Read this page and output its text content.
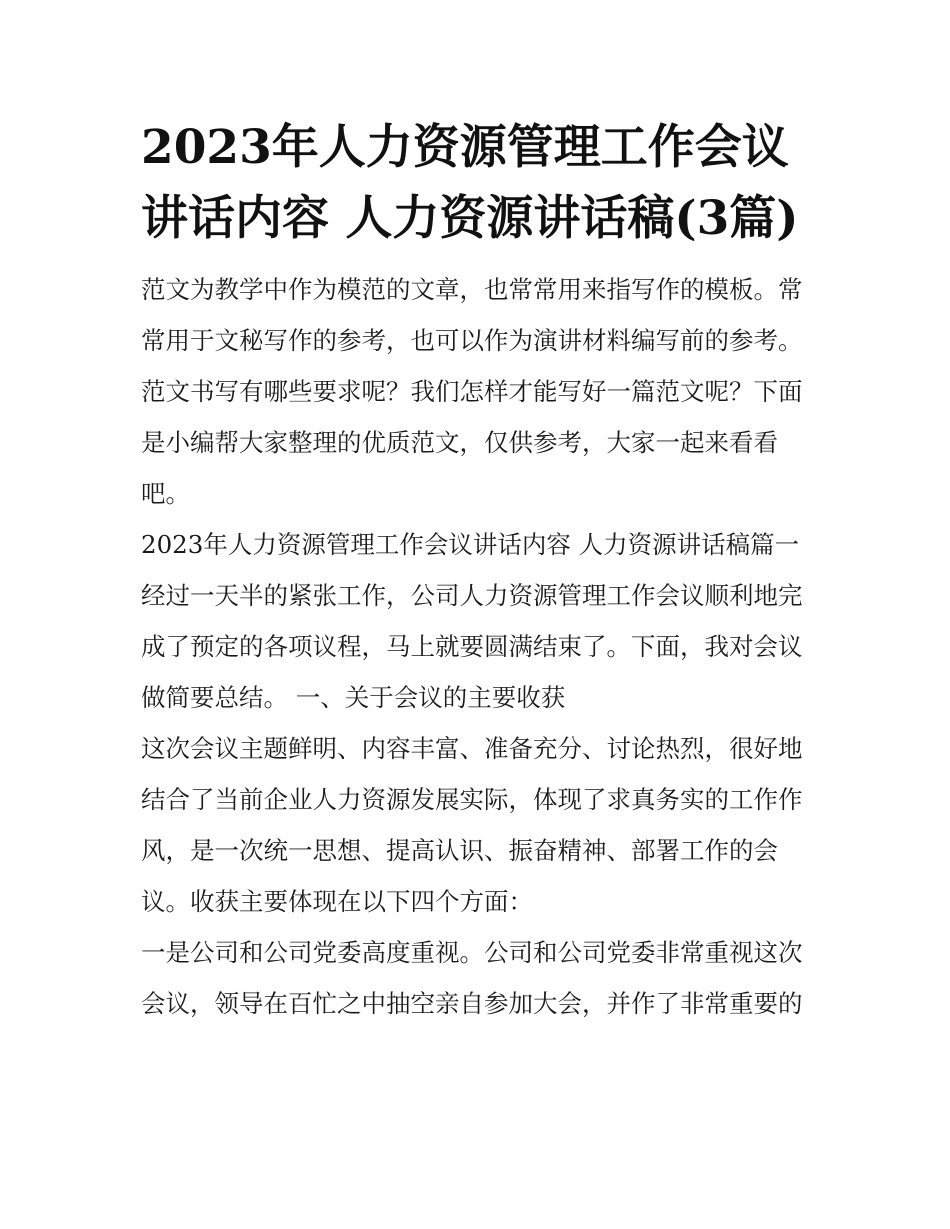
2023年人力资源管理工作会议讲话内容 人力资源讲话稿(3篇)

范文为教学中作为模范的文章，也常常用来指写作的模板。常常用于文秘写作的参考，也可以作为演讲材料编写前的参考。范文书写有哪些要求呢？我们怎样才能写好一篇范文呢？下面是小编帮大家整理的优质范文，仅供参考，大家一起来看看吧。

2023年人力资源管理工作会议讲话内容 人力资源讲话稿篇一

经过一天半的紧张工作，公司人力资源管理工作会议顺利地完成了预定的各项议程，马上就要圆满结束了。下面，我对会议做简要总结。 一、关于会议的主要收获

这次会议主题鲜明、内容丰富、准备充分、讨论热烈，很好地结合了当前企业人力资源发展实际，体现了求真务实的工作作风，是一次统一思想、提高认识、振奋精神、部署工作的会议。收获主要体现在以下四个方面：

一是公司和公司党委高度重视。公司和公司党委非常重视这次会议，领导在百忙之中抽空亲自参加大会，并作了非常重要的
